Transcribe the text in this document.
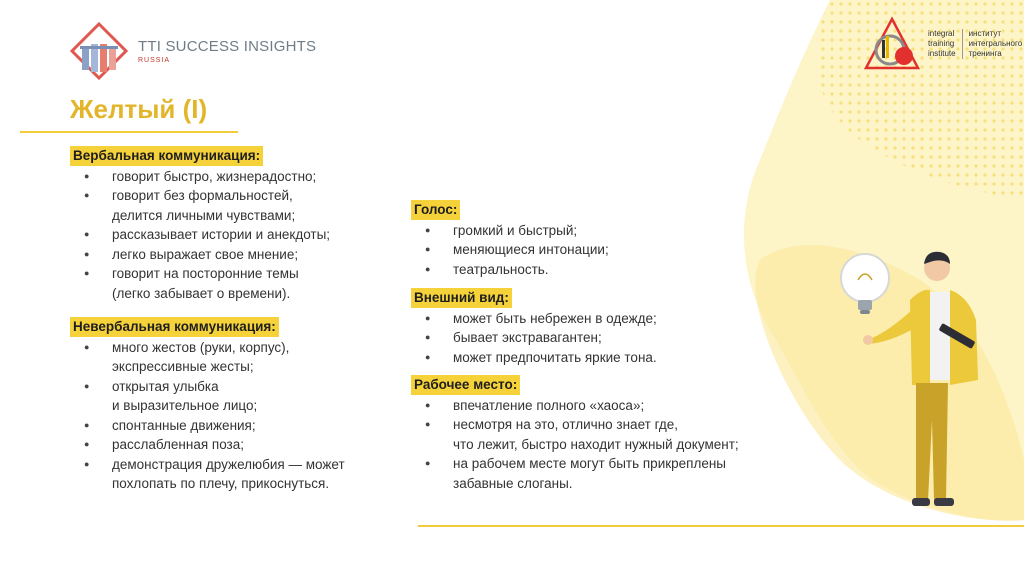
TTI SUCCESS INSIGHTS
RUSSIA
integral
training
institute
институт
интегрального
тренинга
Желтый (I)
Вербальная коммуникация:
● говорит быстро, жизнерадостно;
● говорит без формальностей,
делится личными чувствами;
● рассказывает истории и анекдоты;
● легко выражает свое мнение;
● говорит на посторонние темы
(легко забывает о времени).
Невербальная коммуникация:
● много жестов (руки, корпус),
экспрессивные жесты;
● открытая улыбка
и выразительное лицо;
● спонтанные движения;
● расслабленная поза;
● демонстрация дружелюбия — может
похлопать по плечу, прикоснуться.
Голос:
● громкий и быстрый;
● меняющиеся интонации;
● театральность.
Внешний вид:
● может быть небрежен в одежде;
● бывает экстравагантен;
● может предпочитать яркие тона.
Рабочее место:
● впечатление полного «хаоса»;
● несмотря на это, отлично знает где,
что лежит, быстро находит нужный документ;
● на рабочем месте могут быть прикреплены
забавные слоганы.
